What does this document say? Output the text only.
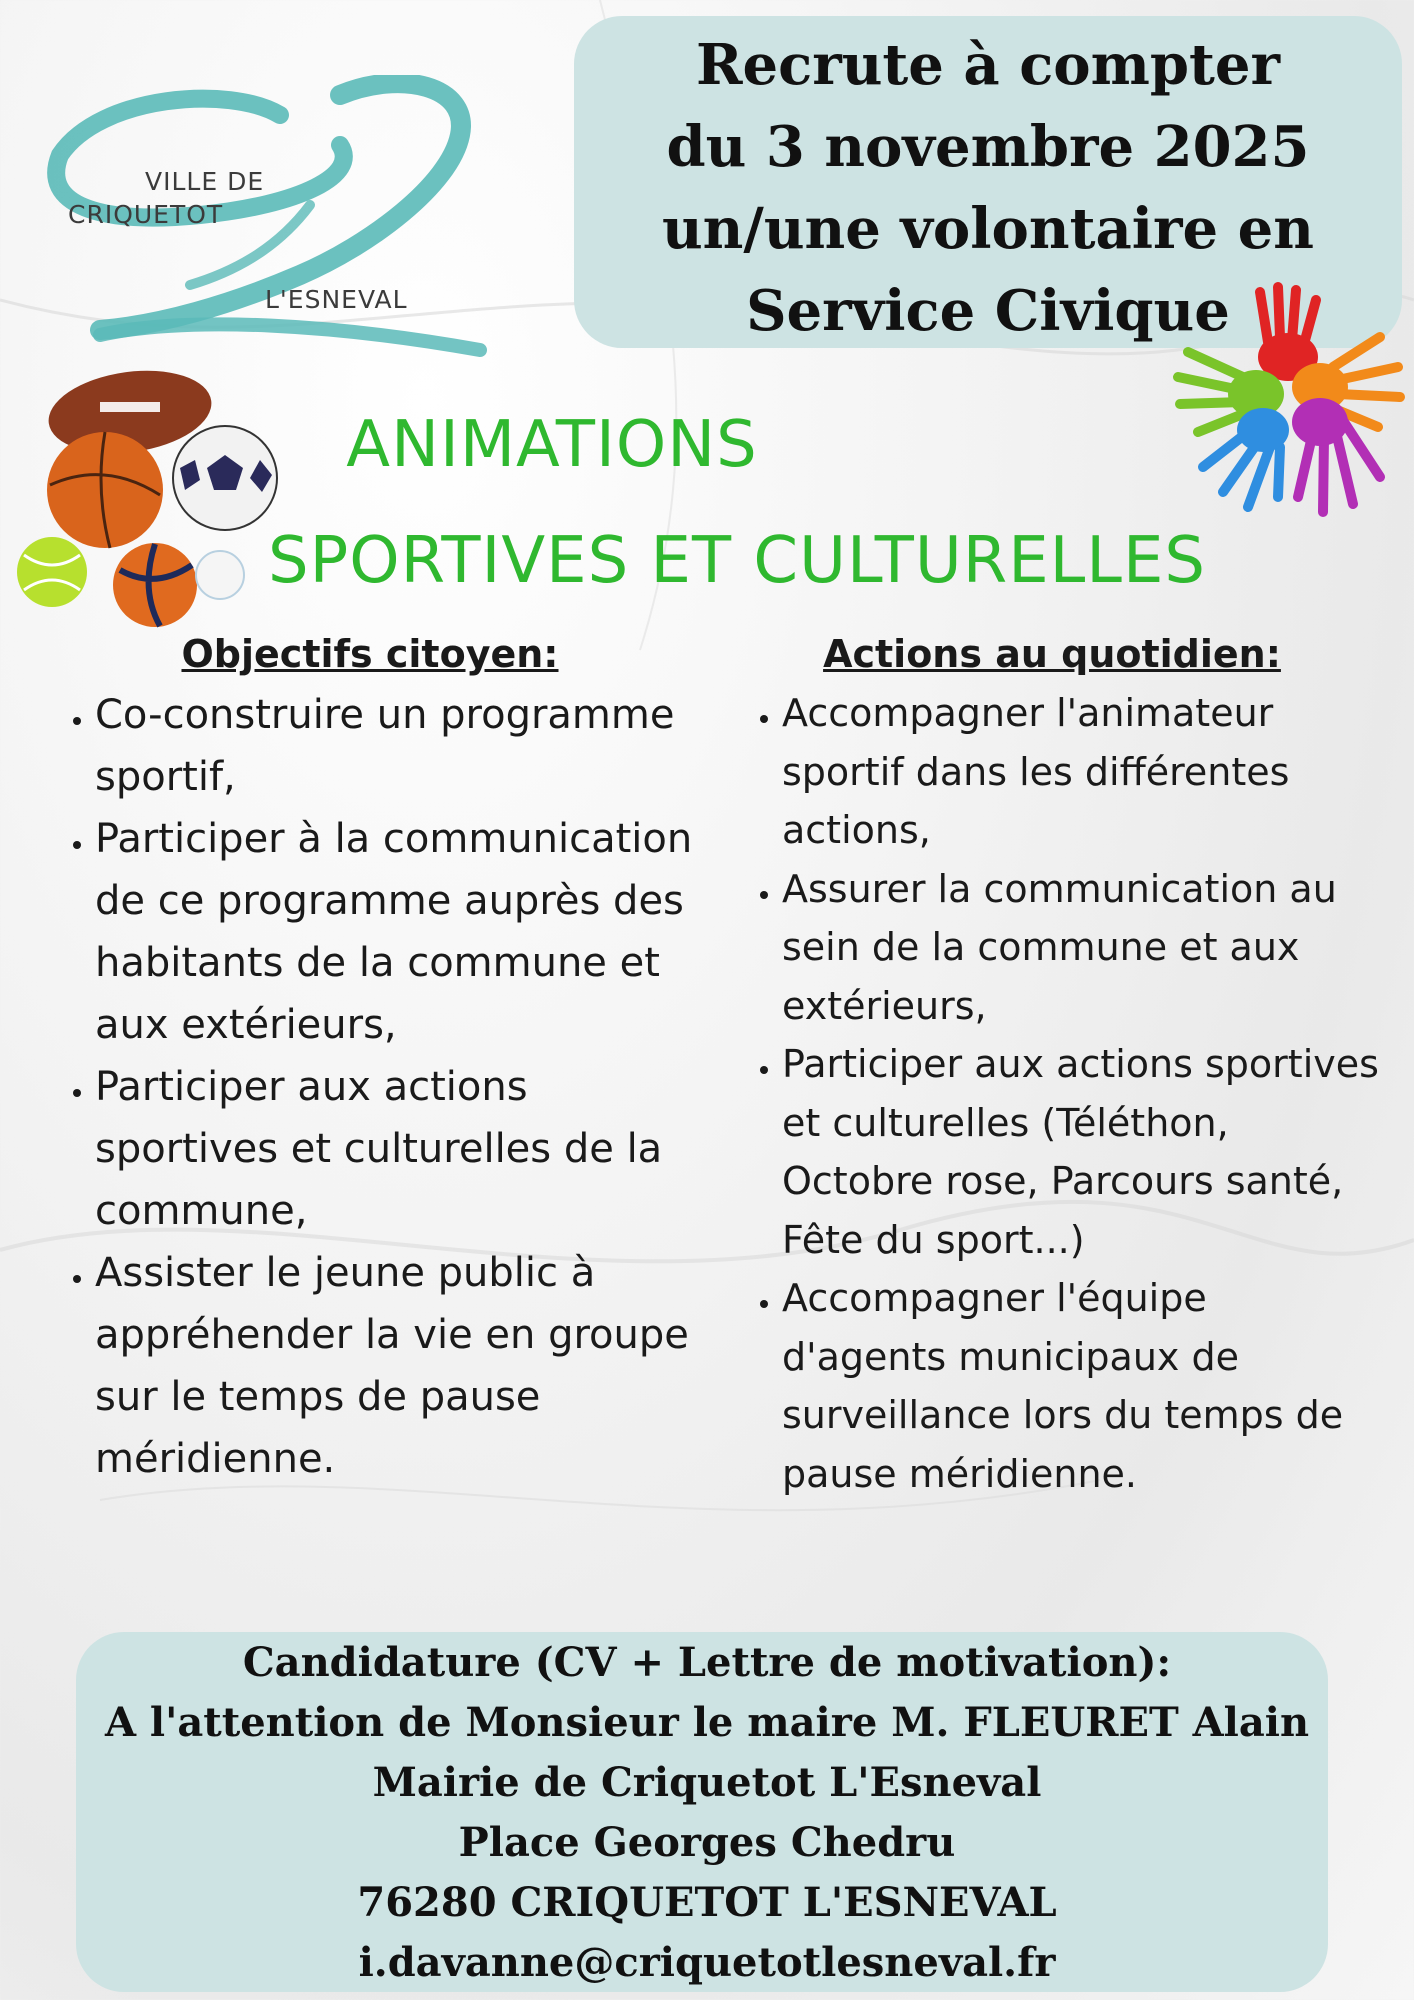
VILLE DE
CRIQUETOT
L'ESNEVAL
Recrute à compter
du 3 novembre 2025
un/une volontaire en
Service Civique
ANIMATIONS
SPORTIVES ET CULTURELLES
Objectifs citoyen:
• Co-construire un programme sportif,
• Participer à la communication de ce programme auprès des habitants de la commune et aux extérieurs,
• Participer aux actions sportives et culturelles de la commune,
• Assister le jeune public à appréhender la vie en groupe sur le temps de pause méridienne.
Actions au quotidien:
• Accompagner l'animateur sportif dans les différentes actions,
• Assurer la communication au sein de la commune et aux extérieurs,
• Participer aux actions sportives et culturelles (Téléthon, Octobre rose, Parcours santé, Fête du sport...)
• Accompagner l'équipe d'agents municipaux de surveillance lors du temps de pause méridienne.
Candidature (CV + Lettre de motivation):
A l'attention de Monsieur le maire M. FLEURET Alain
Mairie de Criquetot L'Esneval
Place Georges Chedru
76280 CRIQUETOT L'ESNEVAL
i.davanne@criquetotlesneval.fr
